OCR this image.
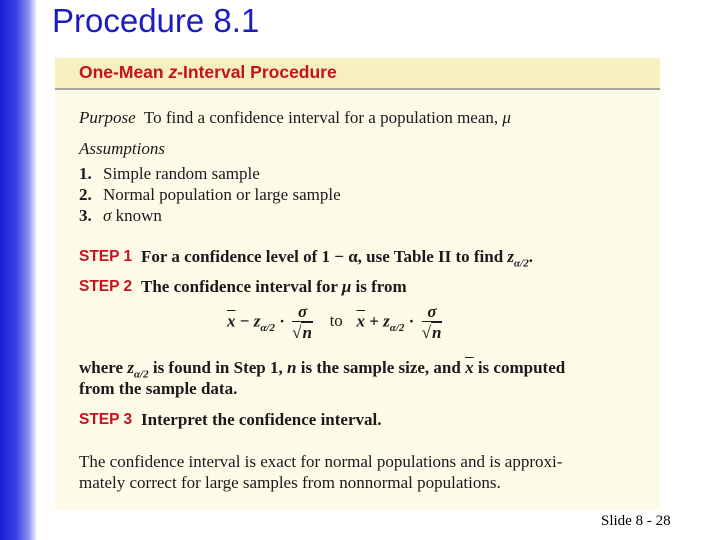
Procedure 8.1
One-Mean z-Interval Procedure
Purpose To find a confidence interval for a population mean, μ
Assumptions
1. Simple random sample
2. Normal population or large sample
3. σ known
STEP 1 For a confidence level of 1 − α, use Table II to find $z_{\alpha/2}$.
STEP 2 The confidence interval for μ is from
$\overline{x} - z_{\alpha/2} \cdot \frac{\sigma}{√n}$ to $\overline{x} + z_{\alpha/2} \cdot \frac{\sigma}{√n}$
where $z_{\alpha/2}$ is found in Step 1, n is the sample size, and $\overline{x}$ is computed
from the sample data.
STEP 3 Interpret the confidence interval.
The confidence interval is exact for normal populations and is approxi-
mately correct for large samples from nonnormal populations.
Slide 8 - 28
